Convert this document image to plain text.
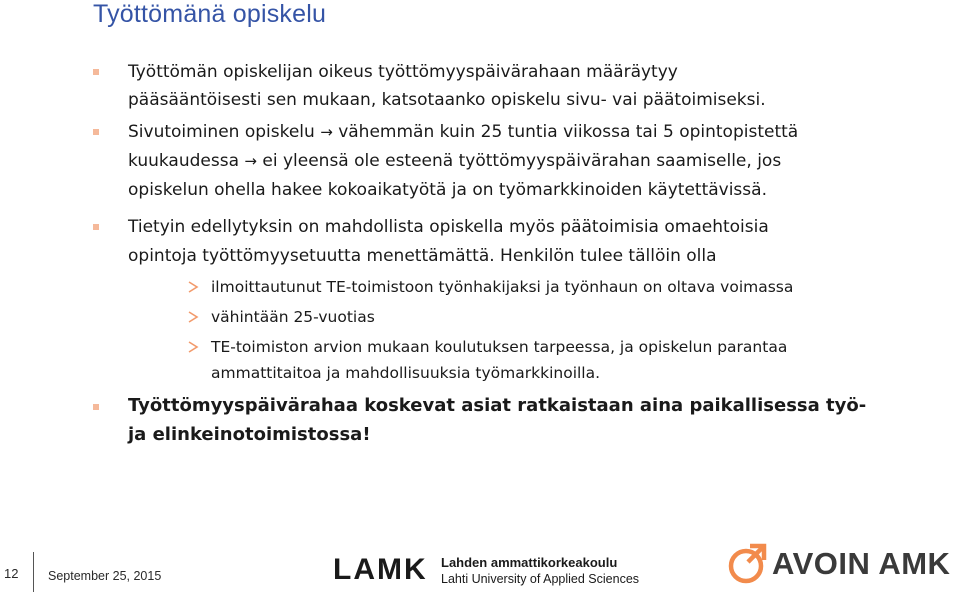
Työttömänä opiskelu
Työttömän opiskelijan oikeus työttömyyspäivärahaan määräytyy
pääsääntöisesti sen mukaan, katsotaanko opiskelu sivu- vai päätoimiseksi.
Sivutoiminen opiskelu → vähemmän kuin 25 tuntia viikossa tai 5 opintopistettä
kuukaudessa → ei yleensä ole esteenä työttömyyspäivärahan saamiselle, jos
opiskelun ohella hakee kokoaikatyötä ja on työmarkkinoiden käytettävissä.
Tietyin edellytyksin on mahdollista opiskella myös päätoimisia omaehtoisia
opintoja työttömyysetuutta menettämättä. Henkilön tulee tällöin olla
ilmoittautunut TE-toimistoon työnhakijaksi ja työnhaun on oltava voimassa
vähintään 25-vuotias
TE-toimiston arvion mukaan koulutuksen tarpeessa, ja opiskelun parantaa
ammattitaitoa ja mahdollisuuksia työmarkkinoilla.
Työttömyyspäivärahaa koskevat asiat ratkaistaan aina paikallisessa työ-
ja elinkeinotoimistossa!
12 September 25, 2015	LAMK Lahden ammattikorkeakoulu
Lahti University of Applied Sciences	AVOIN AMK
